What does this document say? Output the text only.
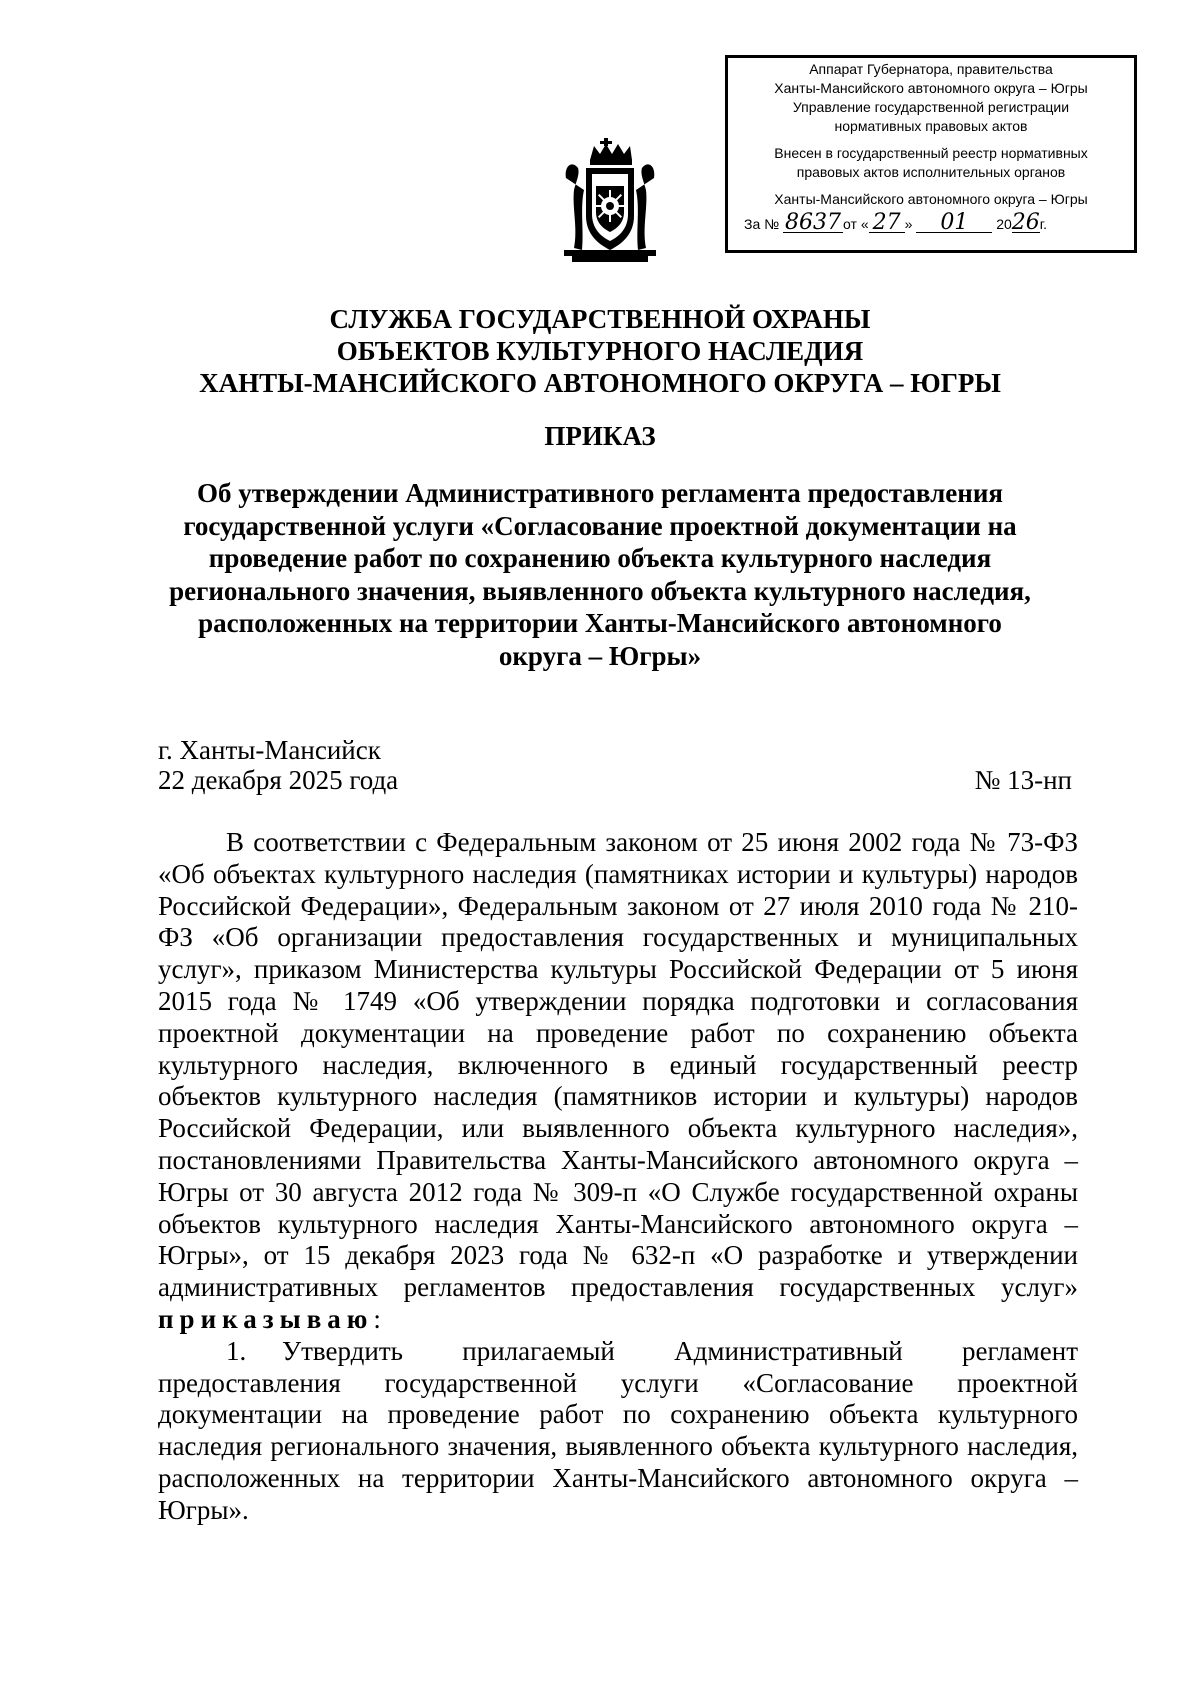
Аппарат Губернатора, правительства
Ханты-Мансийского автономного округа – Югры
Управление государственной регистрации
нормативных правовых актов
Внесен в государственный реестр нормативных
правовых актов исполнительных органов
Ханты-Мансийского автономного округа – Югры
За № 8637 от « 27 » 01 2026г.
СЛУЖБА ГОСУДАРСТВЕННОЙ ОХРАНЫ
ОБЪЕКТОВ КУЛЬТУРНОГО НАСЛЕДИЯ
ХАНТЫ-МАНСИЙСКОГО АВТОНОМНОГО ОКРУГА – ЮГРЫ
ПРИКАЗ
Об утверждении Административного регламента предоставления
государственной услуги «Согласование проектной документации на
проведение работ по сохранению объекта культурного наследия
регионального значения, выявленного объекта культурного наследия,
расположенных на территории Ханты-Мансийского автономного
округа – Югры»
г. Ханты-Мансийск
22 декабря 2025 года	№ 13-нп

В соответствии с Федеральным законом от 25 июня 2002 года № 73-ФЗ «Об объектах культурного наследия (памятниках истории и культуры) народов Российской Федерации», Федеральным законом от 27 июля 2010 года № 210-ФЗ «Об организации предоставления государственных и муниципальных услуг», приказом Министерства культуры Российской Федерации от 5 июня 2015 года № 1749 «Об утверждении порядка подготовки и согласования проектной документации на проведение работ по сохранению объекта культурного наследия, включенного в единый государственный реестр объектов культурного наследия (памятников истории и культуры) народов Российской Федерации, или выявленного объекта культурного наследия», постановлениями Правительства Ханты-Мансийского автономного округа – Югры от 30 августа 2012 года № 309-п «О Службе государственной охраны объектов культурного наследия Ханты-Мансийского автономного округа – Югры», от 15 декабря 2023 года № 632-п «О разработке и утверждении административных регламентов предоставления государственных услуг» приказываю:

1. Утвердить прилагаемый Административный регламент предоставления государственной услуги «Согласование проектной документации на проведение работ по сохранению объекта культурного наследия регионального значения, выявленного объекта культурного наследия, расположенных на территории Ханты-Мансийского автономного округа – Югры».
